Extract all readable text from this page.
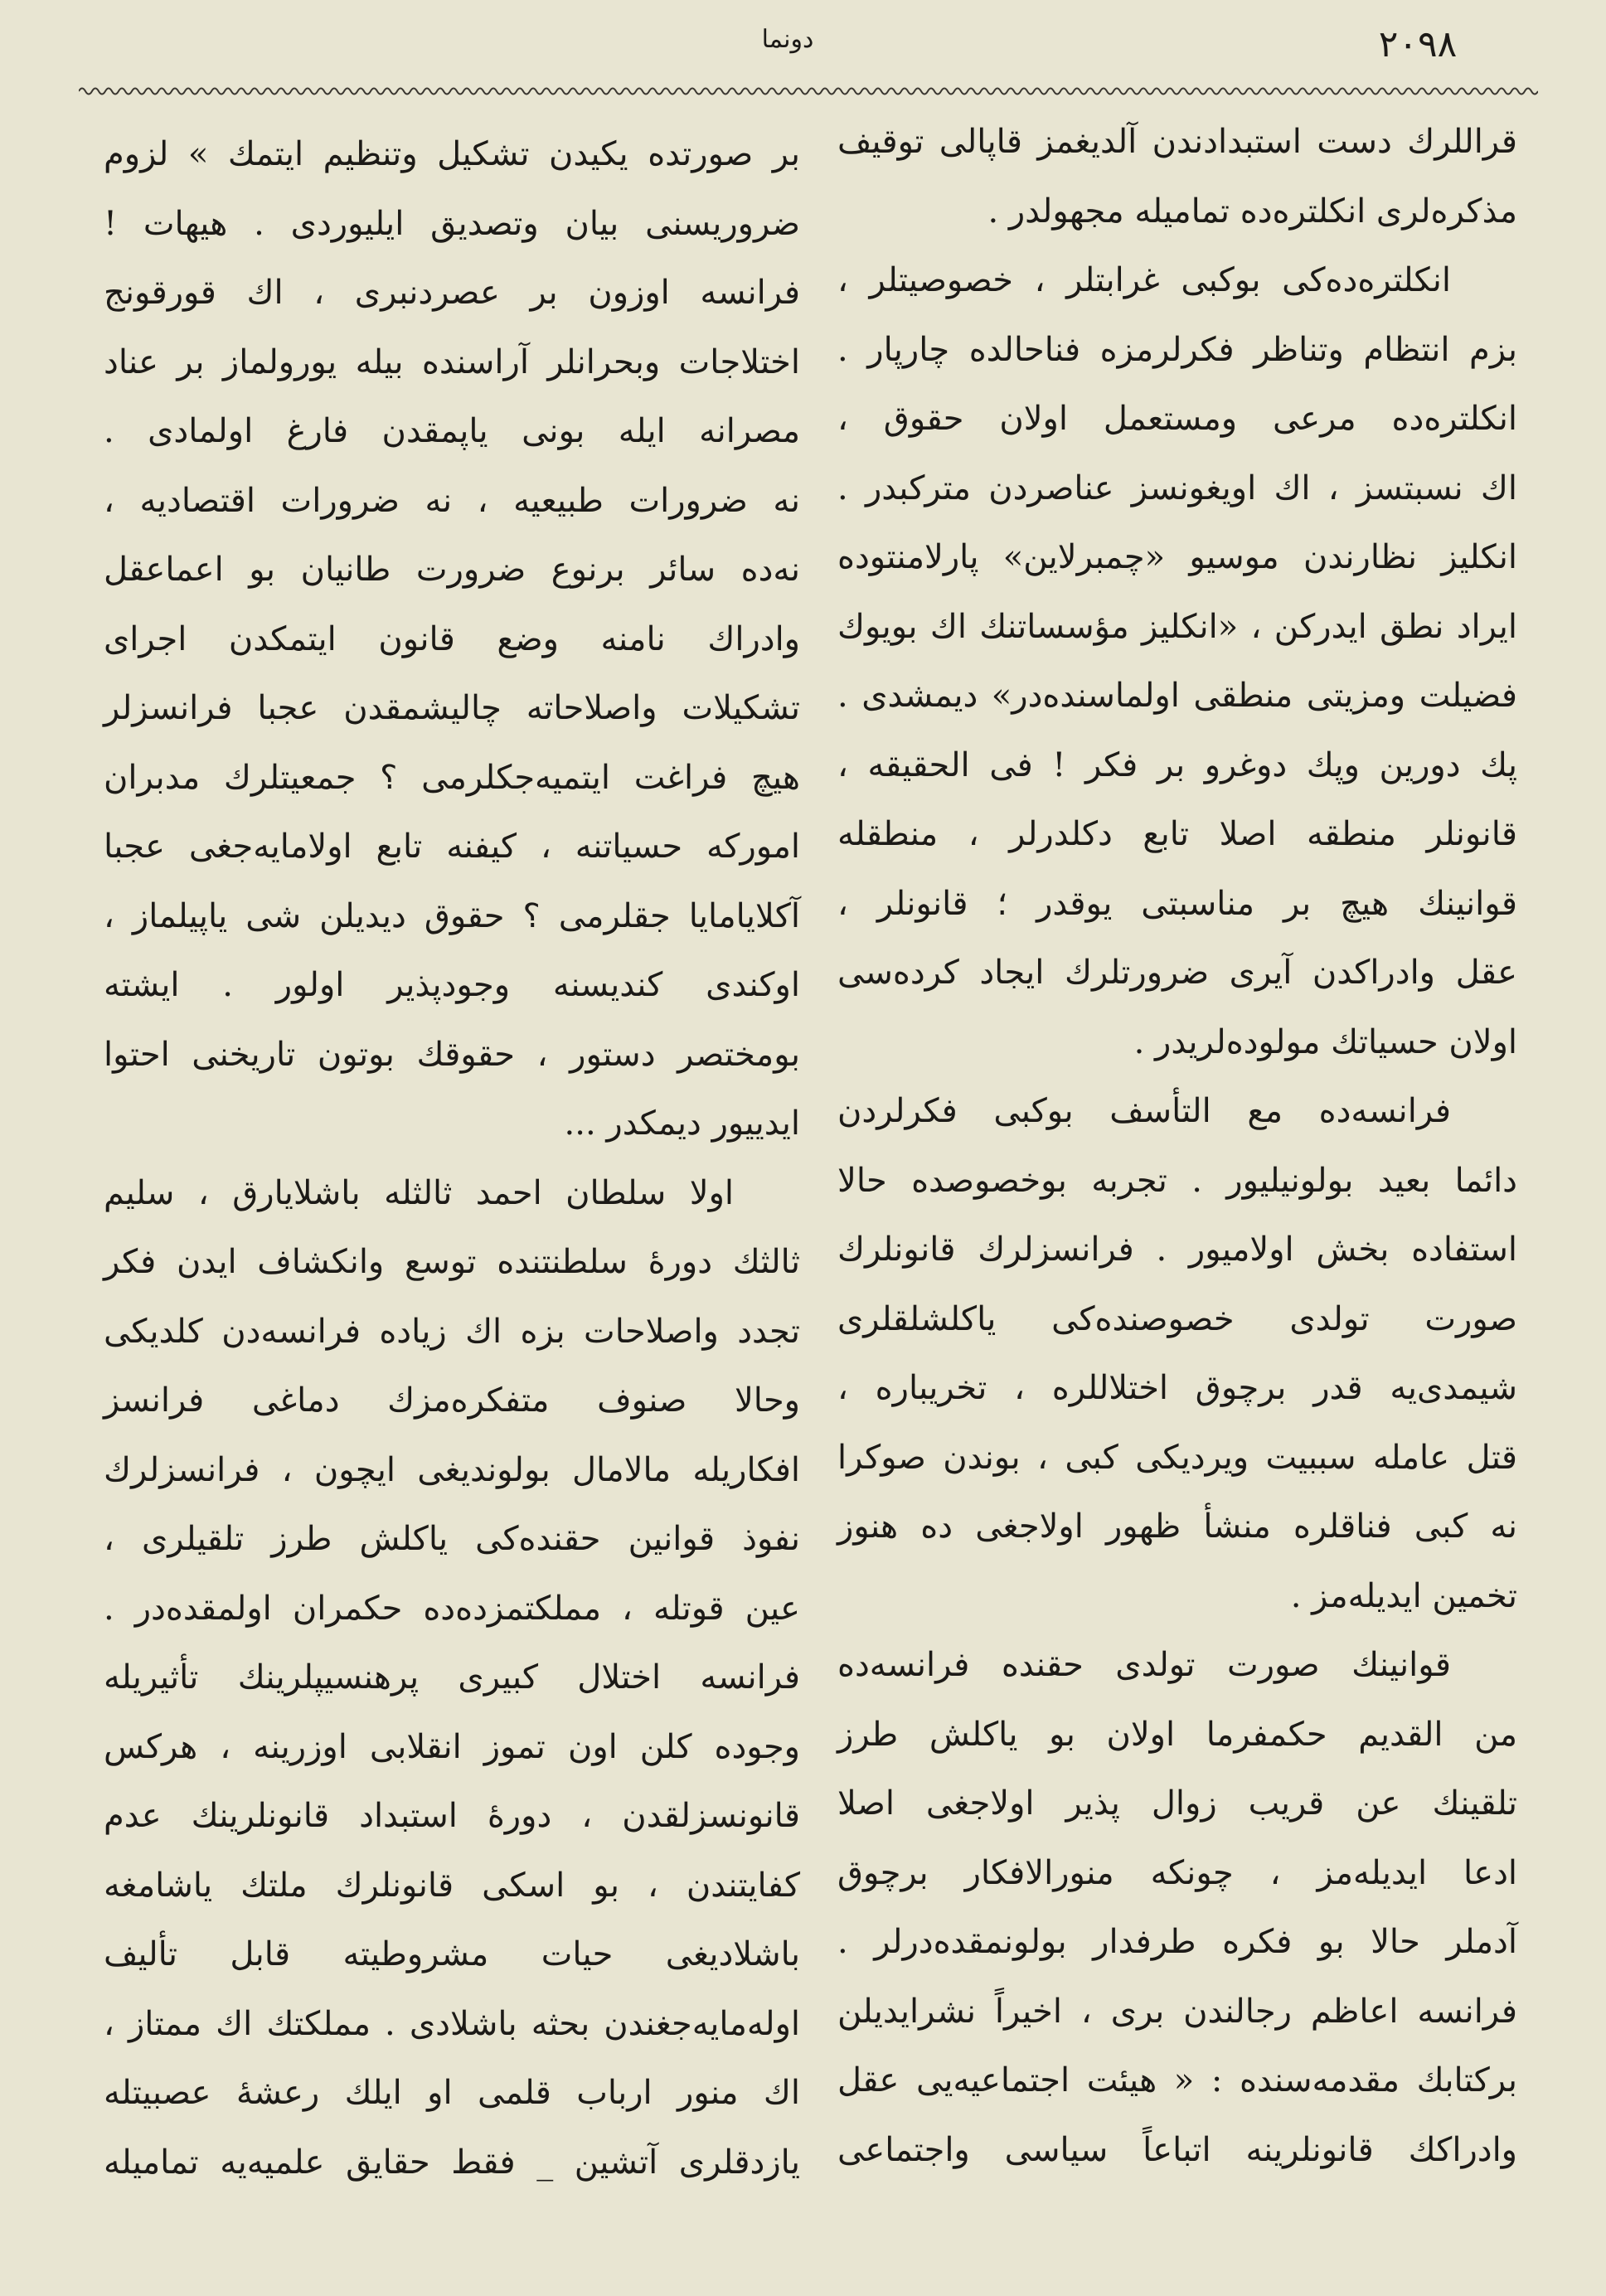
٢٠٩٨
دونما
قراللرك دست استبدادندن آلدیغمز قاپالی توقیف
مذكره‌لری انكلتره‌ده تماميله مجهولدر .
انكلتره‌ده‌كی بوكبی غرابتلر ، خصوصيتلر ،
بزم انتظام وتناظر فكرلرمزه فناحالده چارپار .
انكلتره‌ده مرعی ومستعمل اولان حقوق ،
اك نسبتسز ، اك اويغونسز عناصردن متركبدر .
انكليز نظارندن موسيو «چمبرلاين» پارلامنتوده
ايراد نطق ايدركن ، «انكليز مؤسساتنك اك بويوك
فضيلت ومزيتی منطقی اولماسنده‌در» ديمشدی .
پك دورين وپك دوغرو بر فكر ! فی الحقيقه ،
قانونلر منطقه اصلا تابع دكلدرلر ، منطقله
قوانينك هيچ بر مناسبتی يوقدر ؛ قانونلر ،
عقل وادراكدن آيری ضرورتلرك ايجاد كرده‌سی
اولان حسياتك مولوده‌لريدر .
فرانسه‌ده مع التأسف بوكبی فكرلردن
دائما بعيد بولونيليور . تجربه بوخصوصده حالا
استفاده بخش اولاميور . فرانسزلرك قانونلرك
صورت تولدی خصوصنده‌كی ياكلشلقلری
شيمدی‌يه قدر برچوق اختلاللره ، تخريباره ،
قتل عامله سببيت ويرديكی كبی ، بوندن صوكرا
نه كبی فناقلره منشأ ظهور اولاجغی ده هنوز
تخمين ايديله‌مز .
قوانينك صورت تولدی حقنده فرانسه‌ده
من القديم حكمفرما اولان بو ياكلش طرز
تلقينك عن قريب زوال پذير اولاجغی اصلا
ادعا ايديله‌مز ، چونكه منورالافكار برچوق
آدملر حالا بو فكره طرفدار بولونمقده‌درلر .
فرانسه اعاظم رجالندن بری ، اخيراً نشرايديلن
بركتابك مقدمه‌سنده : « هيئت اجتماعيه‌يی عقل
وادراكك قانونلرينه اتباعاً سياسی واجتماعی
بر صورتده يكيدن تشكيل وتنظيم ايتمك » لزوم
ضروريسنی بيان وتصديق ايليوردی . هيهات !
فرانسه اوزون بر عصردنبری ، اك قورقونج
اختلاجات وبحرانلر آراسنده بيله يورولماز بر عناد
مصرانه ايله بونی ياپمقدن فارغ اولمادی .
نه ضرورات طبيعيه ، نه ضرورات اقتصاديه ،
نه‌ده سائر برنوع ضرورت طانيان بو اعماعقل
وادراك نامنه وضع قانون ايتمكدن اجرای
تشكيلات واصلاحاته چاليشمقدن عجبا فرانسزلر
هيچ فراغت ايتميه‌جكلرمی ؟ جمعيتلرك مدبران
اموركه حسياتنه ، كيفنه تابع اولامايه‌جغی عجبا
آكلايامايا جقلرمی ؟ حقوق ديدیلن شی ياپيلماز ،
اوكندی كنديسنه وجودپذير اولور . ايشته
بومختصر دستور ، حقوقك بوتون تاريخنی احتوا
ايدييور ديمكدر ...
اولا سلطان احمد ثالثله باشلايارق ، سليم
ثالثك دورهٔ سلطنتنده توسع وانكشاف ايدن فكر
تجدد واصلاحات بزه اك زياده فرانسه‌دن كلديكی
وحالا صنوف متفكره‌مزك دماغی فرانسز
افكاريله مالامال بولونديغی ايچون ، فرانسزلرك
نفوذ قوانين حقنده‌كی ياكلش طرز تلقيلری ،
عين قوتله ، مملكتمزده‌ده حكمران اولمقده‌در .
فرانسه اختلال كبيری پرهنسيپلرينك تأثيريله
وجوده كلن اون تموز انقلابی اوزرينه ، هركس
قانونسزلقدن ، دورهٔ استبداد قانونلرينك عدم
كفايتندن ، بو اسكی قانونلرك ملتك ياشامغه
باشلاديغی حيات مشروطيته قابل تأليف
اوله‌مايه‌جغندن بحثه باشلادی . مملكتك اك ممتاز ،
اك منور ارباب قلمی او ايلك رعشهٔ عصبيتله
يازدقلری آتشين _ فقط حقايق علميه‌يه تماميله
